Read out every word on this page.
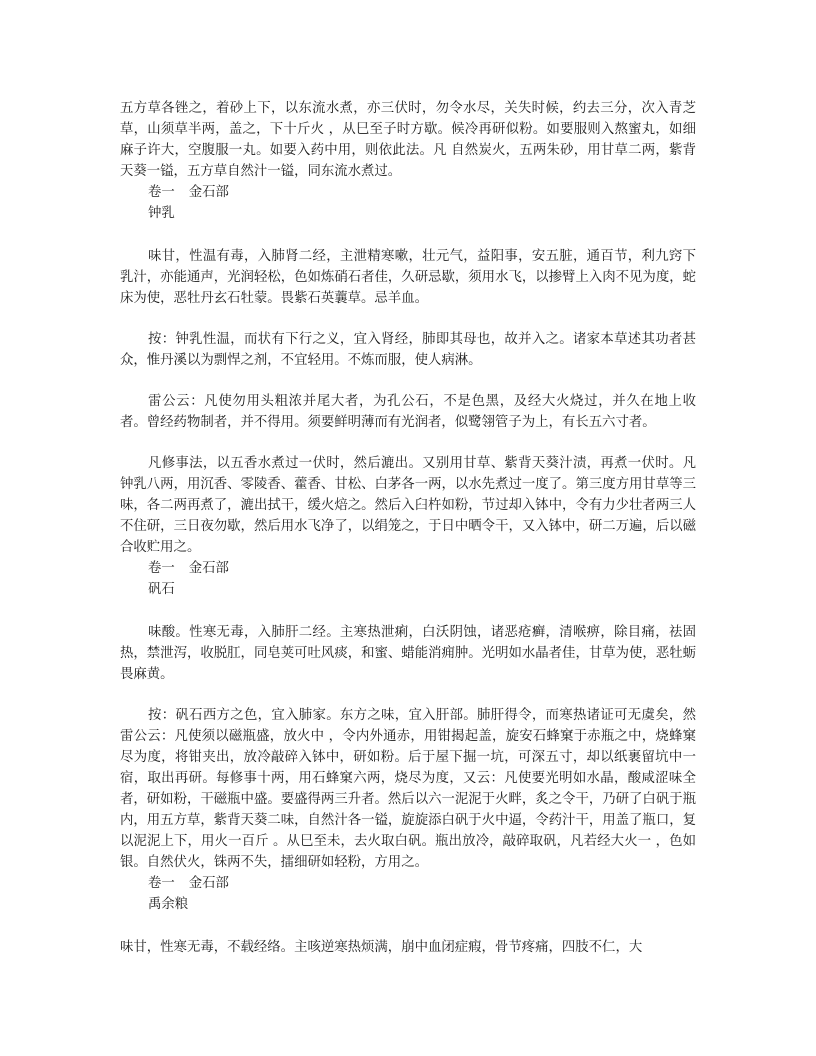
五方草各锉之，着砂上下，以东流水煮，亦三伏时，勿令水尽，关失时候，约去三分，次入青芝草，山须草半两，盖之，下十斤火 ，从巳至子时方歇。候冷再研似粉。如要服则入熬蜜丸，如细麻子许大，空腹服一丸。如要入药中用，则依此法。凡 自然炭火，五两朱砂，用甘草二两，紫背天葵一镒，五方草自然汁一镒，同东流水煮过。

卷一 金石部

钟乳

味甘，性温有毒，入肺肾二经，主泄精寒嗽，壮元气，益阳事，安五脏，通百节，利九窍下乳汁，亦能通声，光润轻松，色如炼硝石者佳，久研忌歇，须用水飞，以掺臂上入肉不见为度，蛇床为使，恶牡丹玄石牡蒙。畏紫石英蘘草。忌羊血。

按：钟乳性温，而状有下行之义，宜入肾经，肺即其母也，故并入之。诸家本草述其功者甚众，惟丹溪以为剽悍之剂，不宜轻用。不炼而服，使人病淋。

雷公云：凡使勿用头粗浓并尾大者，为孔公石，不是色黑，及经大火烧过，并久在地上收者。曾经药物制者，并不得用。须要鲜明薄而有光润者，似鹭翎管子为上，有长五六寸者。

凡修事法，以五香水煮过一伏时，然后漉出。又别用甘草、紫背天葵汁渍，再煮一伏时。凡钟乳八两，用沉香、零陵香、藿香、甘松、白茅各一两，以水先煮过一度了。第三度方用甘草等三味，各二两再煮了，漉出拭干，缓火焙之。然后入臼杵如粉，节过却入钵中，令有力少壮者两三人不住研，三日夜勿歇，然后用水飞净了，以绢笼之，于日中晒令干，又入钵中，研二万遍，后以磁合收贮用之。

卷一 金石部

矾石

味酸。性寒无毒，入肺肝二经。主寒热泄痢，白沃阴蚀，诸恶疮癣，清喉痹，除目痛，祛固热，禁泄泻，收脱肛，同皂荚可吐风痰，和蜜、蜡能消痈肿。光明如水晶者佳，甘草为使，恶牡蛎畏麻黄。

按：矾石西方之色，宜入肺家。东方之味，宜入肝部。肺肝得令，而寒热诸证可无虞矣，然雷公云：凡使须以磁瓶盛，放火中 ，令内外通赤，用钳揭起盖，旋安石蜂窠于赤瓶之中，烧蜂窠尽为度，将钳夹出，放冷敲碎入钵中，研如粉。后于屋下掘一坑，可深五寸，却以纸裹留坑中一宿，取出再研。每修事十两，用石蜂窠六两，烧尽为度，又云：凡使要光明如水晶，酸咸涩味全者，研如粉，干磁瓶中盛。要盛得两三升者。然后以六一泥泥于火畔，炙之令干，乃研了白矾于瓶内，用五方草，紫背天葵二味，自然汁各一镒，旋旋添白矾于火中逼，令药汁干，用盖了瓶口，复以泥泥上下，用火一百斤 。从巳至未，去火取白矾。瓶出放冷，敲碎取矾，凡若经大火一 ，色如银。自然伏火，铢两不失，擂细研如轻粉，方用之。

卷一 金石部

禹余粮

味甘，性寒无毒，不载经络。主咳逆寒热烦满，崩中血闭症瘕，骨节疼痛，四肢不仁，大
